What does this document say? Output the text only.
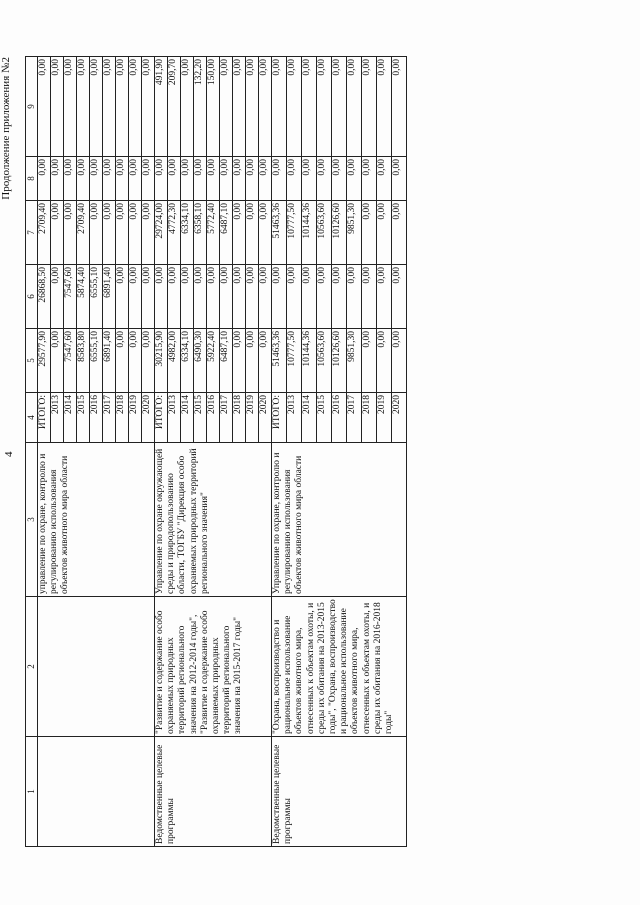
4
Продолжение приложения №2
1	2	3	4	5	6	7	8	9
		управление по охране, контролю и регулированию использования объектов животного мира области	ИТОГО:	29577,90	26868,50	2709,40	0,00	0,00
			2013	0,00	0,00	0,00	0,00	0,00
			2014	7547,60	7547,60	0,00	0,00	0,00
			2015	8583,80	5874,40	2709,40	0,00	0,00
			2016	6555,10	6555,10	0,00	0,00	0,00
			2017	6891,40	6891,40	0,00	0,00	0,00
			2018	0,00	0,00	0,00	0,00	0,00
			2019	0,00	0,00	0,00	0,00	0,00
			2020	0,00	0,00	0,00	0,00	0,00
Ведомственные целевые программы	"Развитие и содержание особо охраняемых природных территорий регионального значения на 2012-2014 годы", "Развитие и содержание особо охраняемых природных территорий регионального значения на 2015-2017 годы"	Управление по охране окружающей среды и природопользованию области, ТОГБУ "Дирекция особо охраняемых природных территорий регионального значения"	ИТОГО:	30215,90	0,00	29724,00	0,00	491,90
			2013	4982,00	0,00	4772,30	0,00	209,70
			2014	6334,10	0,00	6334,10	0,00	0,00
			2015	6490,30	0,00	6358,10	0,00	132,20
			2016	5922,40	0,00	5772,40	0,00	150,00
			2017	6487,10	0,00	6487,10	0,00	0,00
			2018	0,00	0,00	0,00	0,00	0,00
			2019	0,00	0,00	0,00	0,00	0,00
			2020	0,00	0,00	0,00	0,00	0,00
Ведомственные целевые программы	"Охрана, воспроизводство и рациональное использование объектов животного мира, отнесенных к объектам охоты, и среды их обитания на 2013-2015 годы", "Охрана, воспроизводство и рациональное использование объектов животного мира, отнесенных к объектам охоты, и среды их обитания на 2016-2018 годы"	Управление по охране, контролю и регулированию использования объектов животного мира области	ИТОГО:	51463,36	0,00	51463,36	0,00	0,00
			2013	10777,50	0,00	10777,50	0,00	0,00
			2014	10144,36	0,00	10144,36	0,00	0,00
			2015	10563,60	0,00	10563,60	0,00	0,00
			2016	10126,60	0,00	10126,60	0,00	0,00
			2017	9851,30	0,00	9851,30	0,00	0,00
			2018	0,00	0,00	0,00	0,00	0,00
			2019	0,00	0,00	0,00	0,00	0,00
			2020	0,00	0,00	0,00	0,00	0,00
